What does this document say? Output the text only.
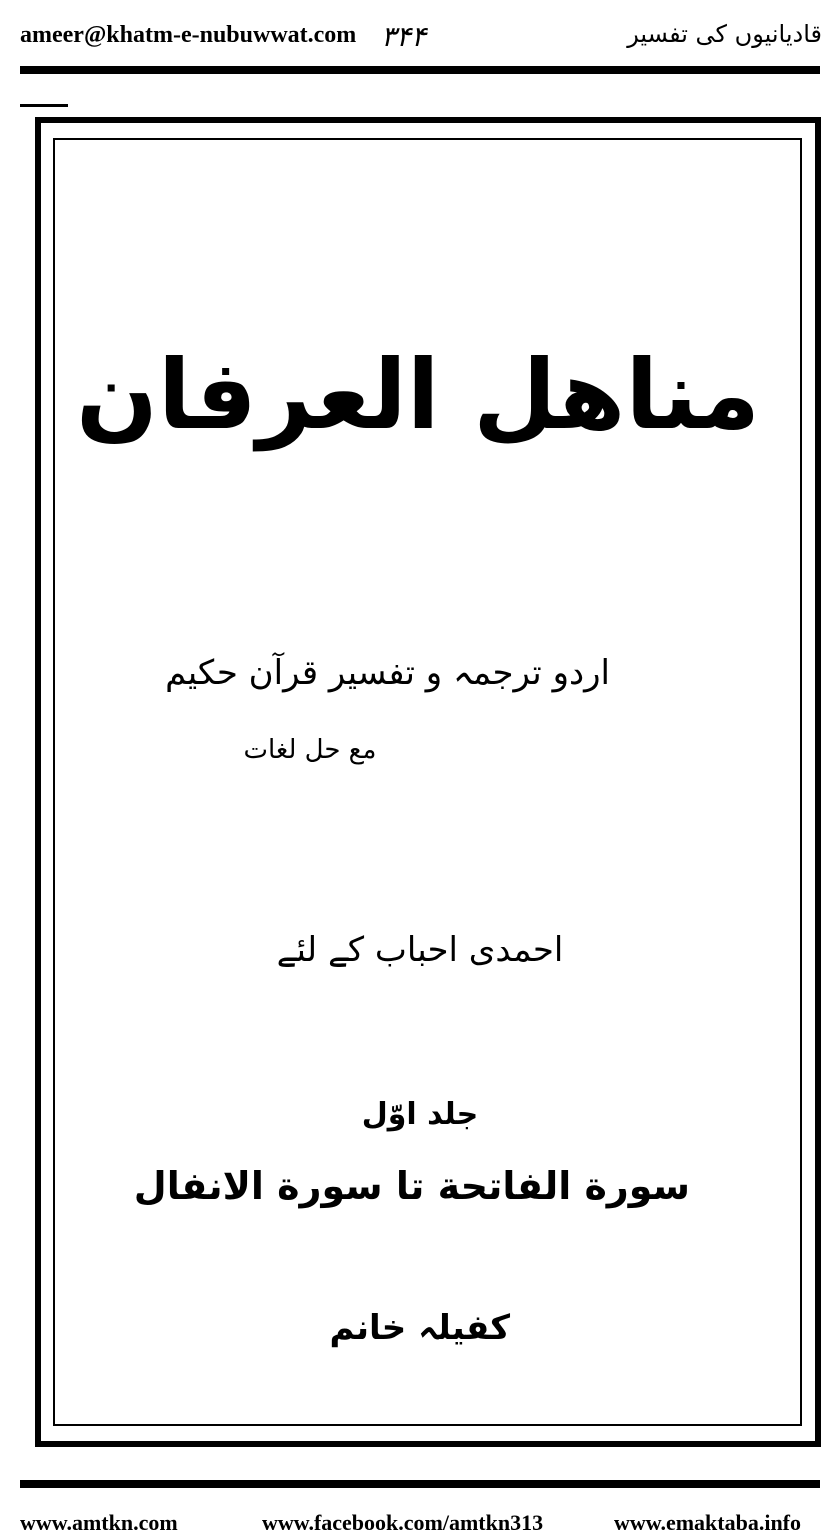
ameer@khatm-e-nubuwwat.com ۳۴۴	قادیانیوں کی تفسیر
مناهل العرفان
اردو ترجمہ و تفسیر قرآن حکیم
مع حل لغات
احمدی احباب کے لئے
جلد اوّل
سورة الفاتحة تا سورة الانفال
کفیلہ خانم
www.amtkn.com	www.facebook.com/amtkn313	www.emaktaba.info
